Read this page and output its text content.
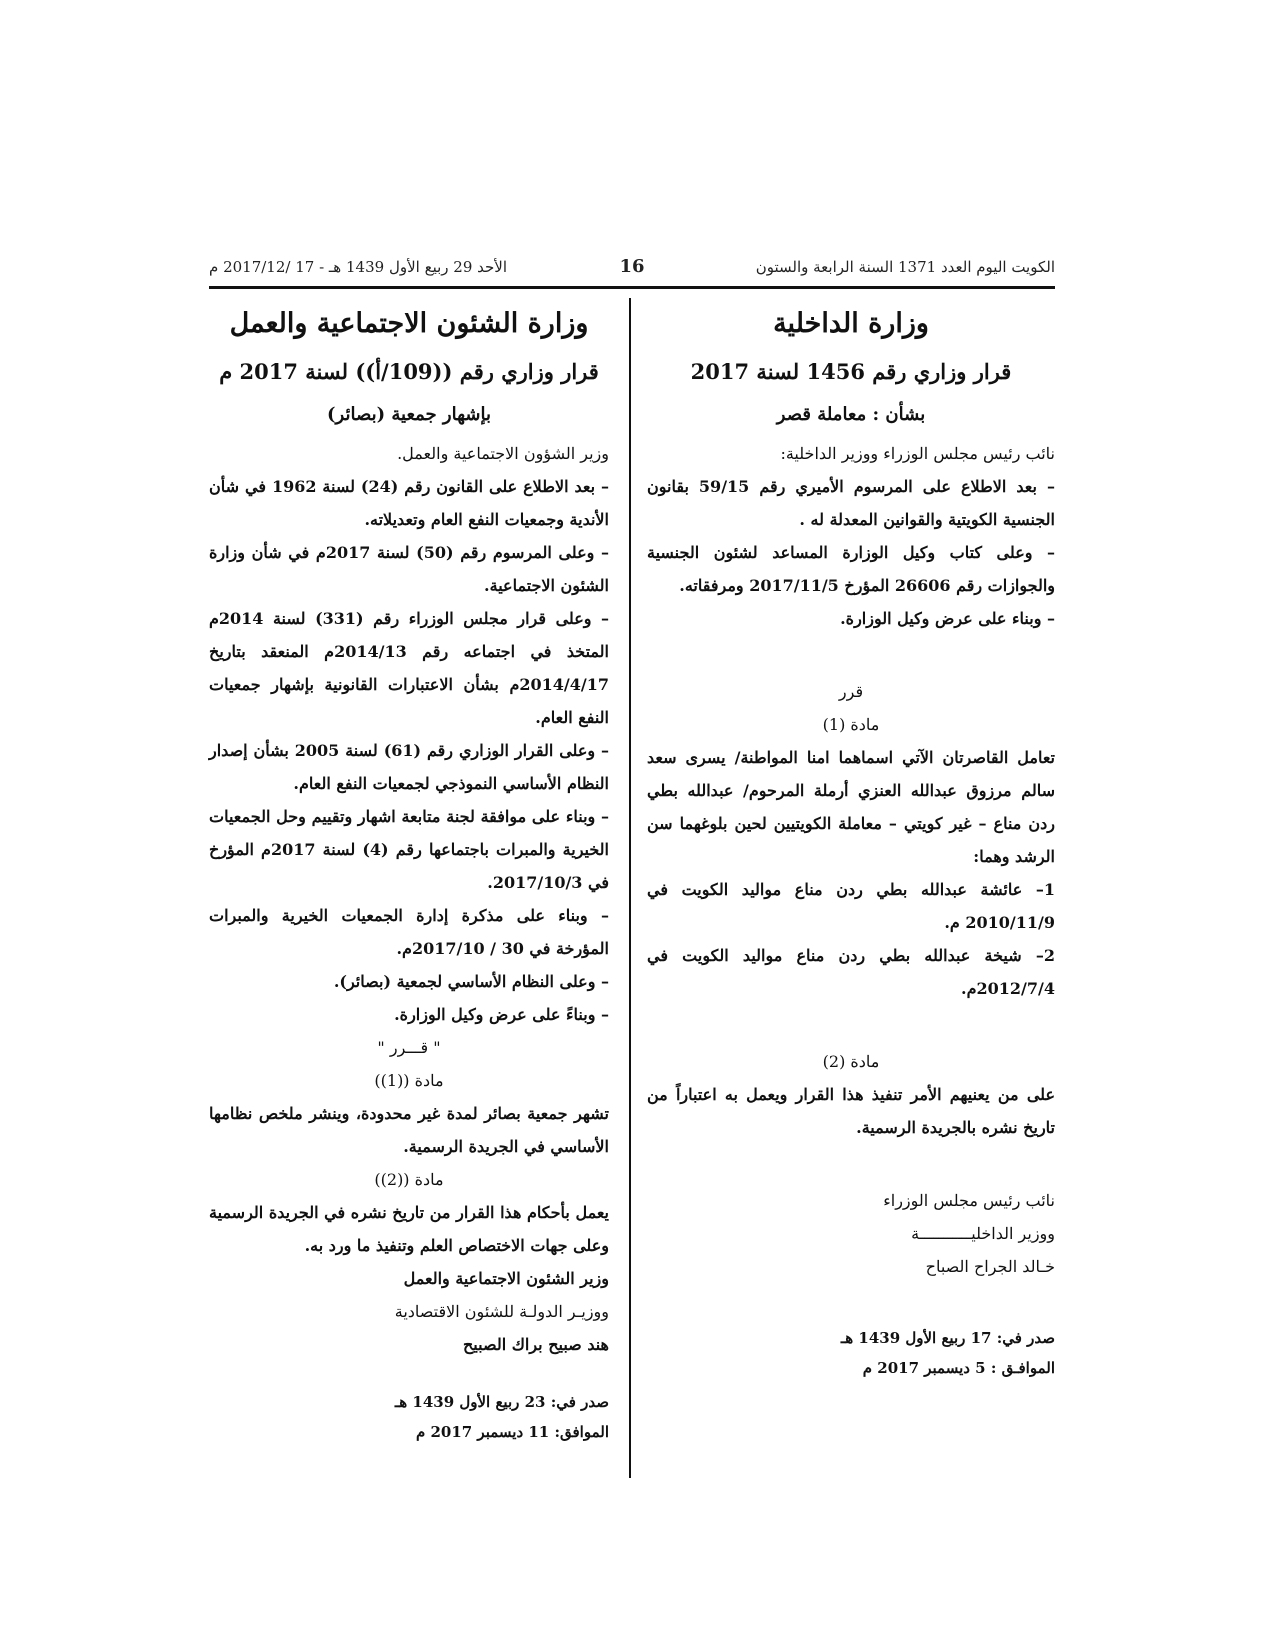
الكويت اليوم العدد 1371 السنة الرابعة والستون
16
الأحد 29 ربيع الأول 1439 هـ - 17 /2017/12 م
وزارة الداخلية
قرار وزاري رقم 1456 لسنة 2017
بشأن : معاملة قصر

نائب رئيس مجلس الوزراء ووزير الداخلية:

– بعد الاطلاع على المرسوم الأميري رقم 59/15 بقانون الجنسية الكويتية والقوانين المعدلة له .

– وعلى كتاب وكيل الوزارة المساعد لشئون الجنسية والجوازات رقم 26606 المؤرخ 2017/11/5 ومرفقاته.

– وبناء على عرض وكيل الوزارة.

قرر

مادة (1)

تعامل القاصرتان الآتي اسماهما امنا المواطنة/ يسرى سعد سالم مرزوق عبدالله العنزي أرملة المرحوم/ عبدالله بطي ردن مناع – غير كويتي – معاملة الكويتيين لحين بلوغهما سن الرشد وهما:

1– عائشة عبدالله بطي ردن مناع مواليد الكويت في 2010/11/9 م.

2– شيخة عبدالله بطي ردن مناع مواليد الكويت في 2012/7/4م.

مادة (2)

على من يعنيهم الأمر تنفيذ هذا القرار ويعمل به اعتباراً من تاريخ نشره بالجريدة الرسمية.

نائب رئيس مجلس الوزراء

ووزير الداخليـــــــــــة

خـالد الجراح الصباح

صدر في: 17 ربيع الأول 1439 هـ

الموافـق : 5 ديسمبر 2017 م

وزارة الشئون الاجتماعية والعمل
قرار وزاري رقم ((109/أ)) لسنة 2017 م
بإشهار جمعية (بصائر)

وزير الشؤون الاجتماعية والعمل.

– بعد الاطلاع على القانون رقم (24) لسنة 1962 في شأن الأندية وجمعيات النفع العام وتعديلاته.

– وعلى المرسوم رقم (50) لسنة 2017م في شأن وزارة الشئون الاجتماعية.

– وعلى قرار مجلس الوزراء رقم (331) لسنة 2014م المتخذ في اجتماعه رقم 2014/13م المنعقد بتاريخ 2014/4/17م بشأن الاعتبارات القانونية بإشهار جمعيات النفع العام.

– وعلى القرار الوزاري رقم (61) لسنة 2005 بشأن إصدار النظام الأساسي النموذجي لجمعيات النفع العام.

– وبناء على موافقة لجنة متابعة اشهار وتقييم وحل الجمعيات الخيرية والمبرات باجتماعها رقم (4) لسنة 2017م المؤرخ في 2017/10/3.

– وبناء على مذكرة إدارة الجمعيات الخيرية والمبرات المؤرخة في 30 / 2017/10م.

– وعلى النظام الأساسي لجمعية (بصائر).

– وبناءً على عرض وكيل الوزارة.

" قـــرر "

مادة ((1))

تشهر جمعية بصائر لمدة غير محدودة، وينشر ملخص نظامها الأساسي في الجريدة الرسمية.

مادة ((2))

يعمل بأحكام هذا القرار من تاريخ نشره في الجريدة الرسمية وعلى جهات الاختصاص العلم وتنفيذ ما ورد به.

وزير الشئون الاجتماعية والعمل

ووزيـر الدولـة للشئون الاقتصادية

هند صبيح براك الصبيح

صدر في: 23 ربيع الأول 1439 هـ

الموافق: 11 ديسمبر 2017 م
